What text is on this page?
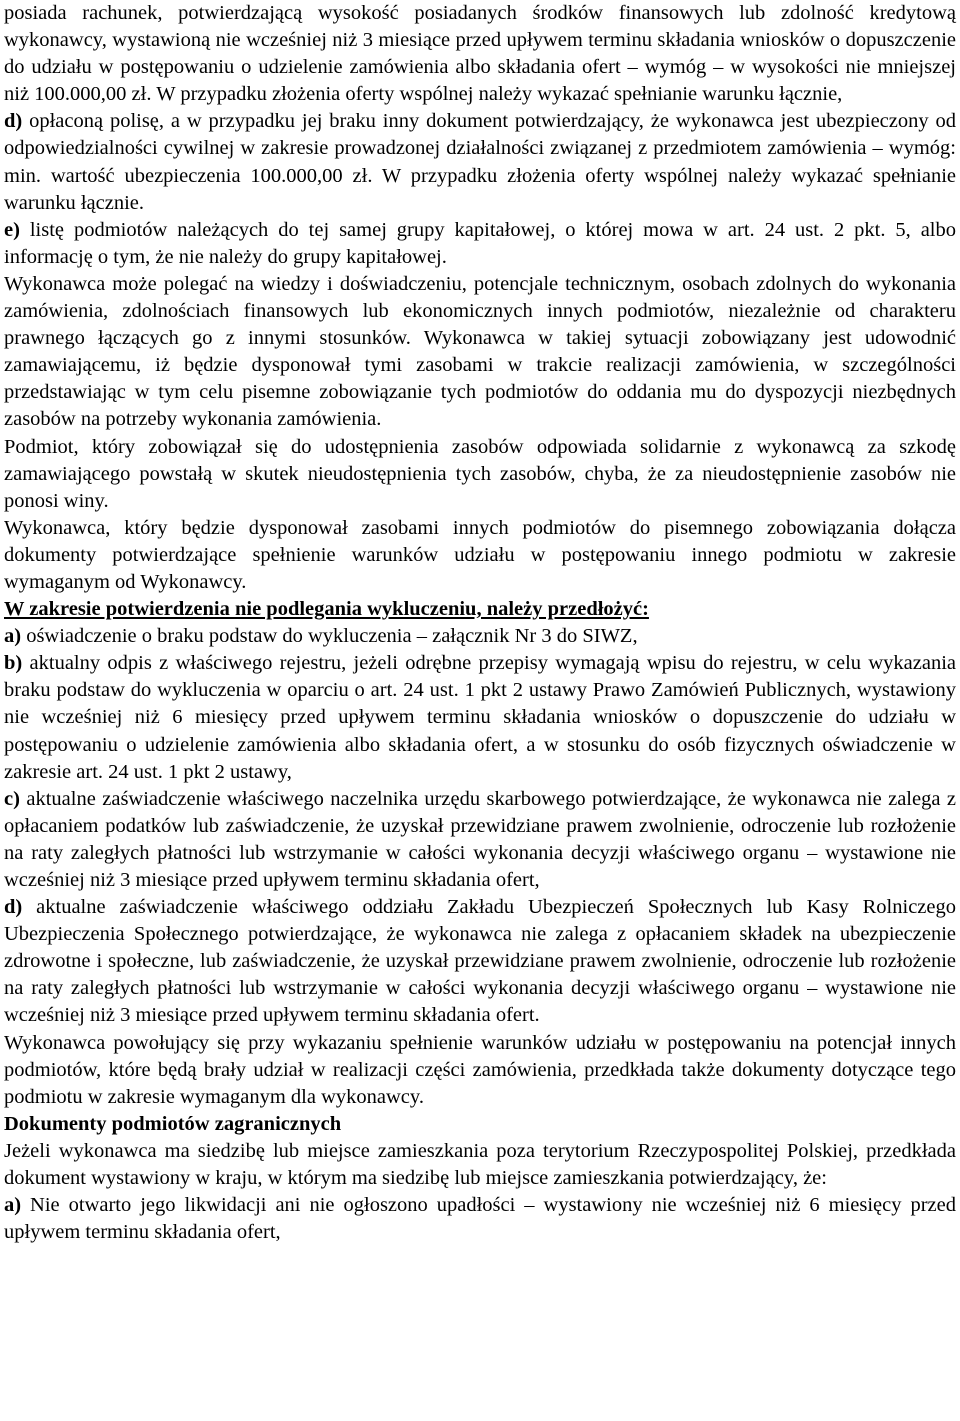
posiada rachunek, potwierdzającą wysokość posiadanych środków finansowych lub zdolność kredytową wykonawcy, wystawioną nie wcześniej niż 3 miesiące przed upływem terminu składania wniosków o dopuszczenie do udziału w postępowaniu o udzielenie zamówienia albo składania ofert – wymóg – w wysokości nie mniejszej niż 100.000,00 zł. W przypadku złożenia oferty wspólnej należy wykazać spełnianie warunku łącznie,

d) opłaconą polisę, a w przypadku jej braku inny dokument potwierdzający, że wykonawca jest ubezpieczony od odpowiedzialności cywilnej w zakresie prowadzonej działalności związanej z przedmiotem zamówienia – wymóg: min. wartość ubezpieczenia 100.000,00 zł. W przypadku złożenia oferty wspólnej należy wykazać spełnianie warunku łącznie.

e) listę podmiotów należących do tej samej grupy kapitałowej, o której mowa w art. 24 ust. 2 pkt. 5, albo informację o tym, że nie należy do grupy kapitałowej.

Wykonawca może polegać na wiedzy i doświadczeniu, potencjale technicznym, osobach zdolnych do wykonania zamówienia, zdolnościach finansowych lub ekonomicznych innych podmiotów, niezależnie od charakteru prawnego łączących go z innymi stosunków. Wykonawca w takiej sytuacji zobowiązany jest udowodnić zamawiającemu, iż będzie dysponował tymi zasobami w trakcie realizacji zamówienia, w szczególności przedstawiając w tym celu pisemne zobowiązanie tych podmiotów do oddania mu do dyspozycji niezbędnych zasobów na potrzeby wykonania zamówienia.

Podmiot, który zobowiązał się do udostępnienia zasobów odpowiada solidarnie z wykonawcą za szkodę zamawiającego powstałą w skutek nieudostępnienia tych zasobów, chyba, że za nieudostępnienie zasobów nie ponosi winy.

Wykonawca, który będzie dysponował zasobami innych podmiotów do pisemnego zobowiązania dołącza dokumenty potwierdzające spełnienie warunków udziału w postępowaniu innego podmiotu w zakresie wymaganym od Wykonawcy.

W zakresie potwierdzenia nie podlegania wykluczeniu, należy przedłożyć:

a) oświadczenie o braku podstaw do wykluczenia – załącznik Nr 3 do SIWZ,

b) aktualny odpis z właściwego rejestru, jeżeli odrębne przepisy wymagają wpisu do rejestru, w celu wykazania braku podstaw do wykluczenia w oparciu o art. 24 ust. 1 pkt 2 ustawy Prawo Zamówień Publicznych, wystawiony nie wcześniej niż 6 miesięcy przed upływem terminu składania wniosków o dopuszczenie do udziału w postępowaniu o udzielenie zamówienia albo składania ofert, a w stosunku do osób fizycznych oświadczenie w zakresie art. 24 ust. 1 pkt 2 ustawy,

c) aktualne zaświadczenie właściwego naczelnika urzędu skarbowego potwierdzające, że wykonawca nie zalega z opłacaniem podatków lub zaświadczenie, że uzyskał przewidziane prawem zwolnienie, odroczenie lub rozłożenie na raty zaległych płatności lub wstrzymanie w całości wykonania decyzji właściwego organu – wystawione nie wcześniej niż 3 miesiące przed upływem terminu składania ofert,

d) aktualne zaświadczenie właściwego oddziału Zakładu Ubezpieczeń Społecznych lub Kasy Rolniczego Ubezpieczenia Społecznego potwierdzające, że wykonawca nie zalega z opłacaniem składek na ubezpieczenie zdrowotne i społeczne, lub zaświadczenie, że uzyskał przewidziane prawem zwolnienie, odroczenie lub rozłożenie na raty zaległych płatności lub wstrzymanie w całości wykonania decyzji właściwego organu – wystawione nie wcześniej niż 3 miesiące przed upływem terminu składania ofert.

Wykonawca powołujący się przy wykazaniu spełnienie warunków udziału w postępowaniu na potencjał innych podmiotów, które będą brały udział w realizacji części zamówienia, przedkłada także dokumenty dotyczące tego podmiotu w zakresie wymaganym dla wykonawcy.

Dokumenty podmiotów zagranicznych

Jeżeli wykonawca ma siedzibę lub miejsce zamieszkania poza terytorium Rzeczypospolitej Polskiej, przedkłada dokument wystawiony w kraju, w którym ma siedzibę lub miejsce zamieszkania potwierdzający, że:

a) Nie otwarto jego likwidacji ani nie ogłoszono upadłości – wystawiony nie wcześniej niż 6 miesięcy przed upływem terminu składania ofert,
